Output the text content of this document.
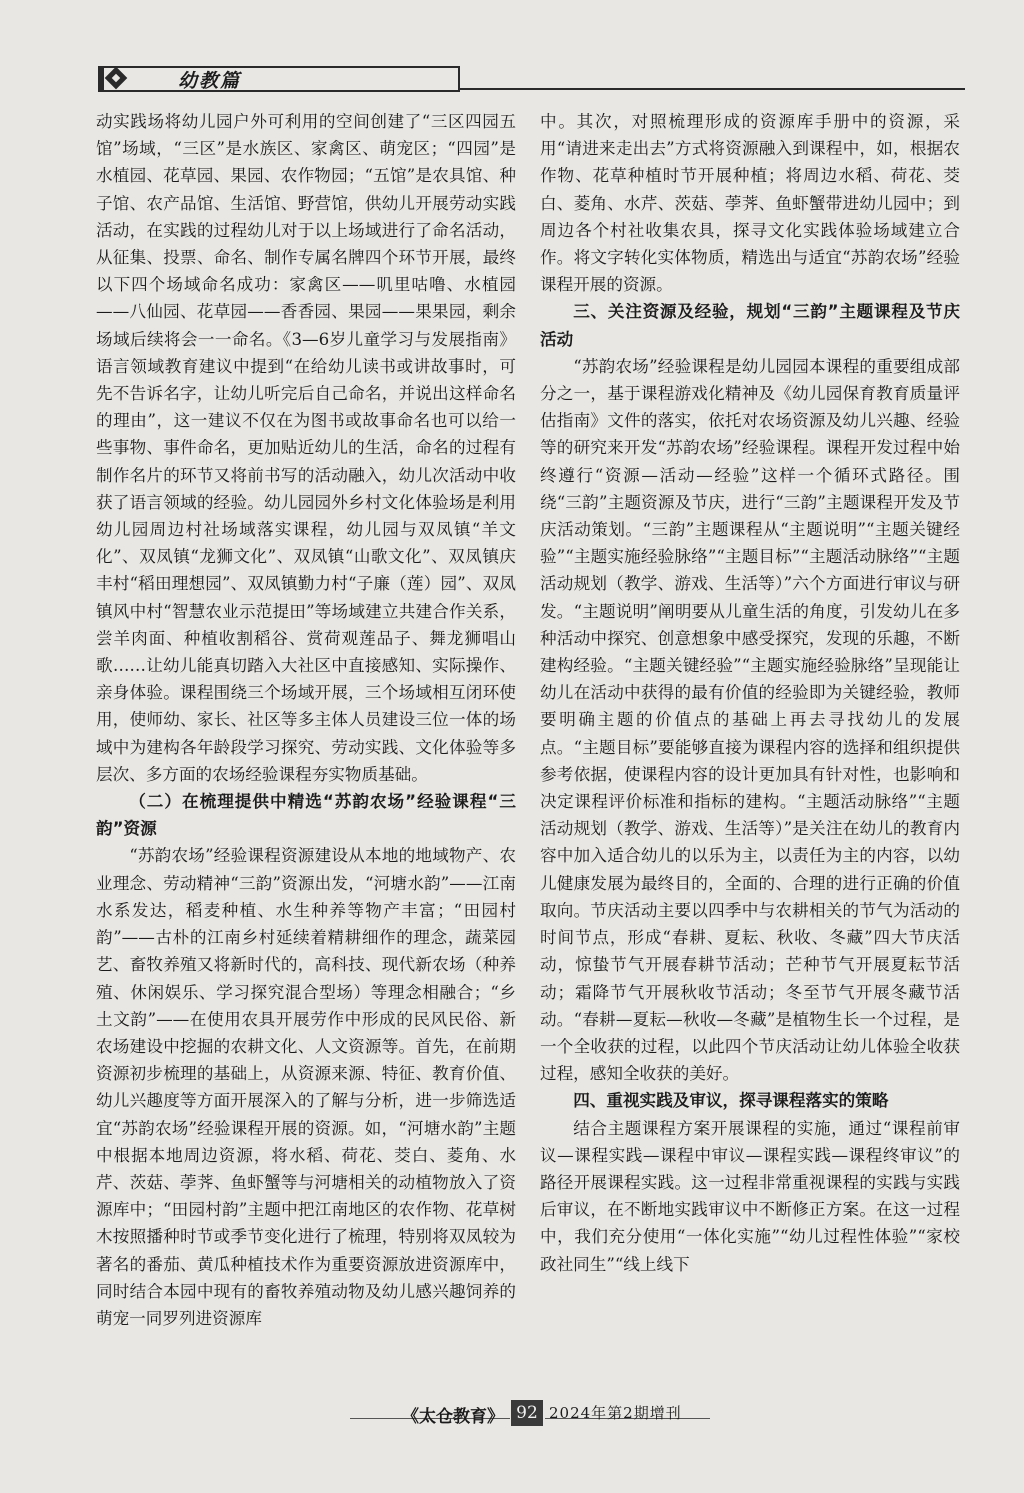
幼教篇

动实践场将幼儿园户外可利用的空间创建了“三区四园五馆”场域，“三区”是水族区、家禽区、萌宠区；“四园”是水植园、花草园、果园、农作物园；“五馆”是农具馆、种子馆、农产品馆、生活馆、野营馆，供幼儿开展劳动实践活动，在实践的过程幼儿对于以上场域进行了命名活动，从征集、投票、命名、制作专属名牌四个环节开展，最终以下四个场域命名成功：家禽区——叽里咕噜、水植园——八仙园、花草园——香香园、果园——果果园，剩余场域后续将会一一命名。《3—6岁儿童学习与发展指南》语言领域教育建议中提到“在给幼儿读书或讲故事时，可先不告诉名字，让幼儿听完后自己命名，并说出这样命名的理由”，这一建议不仅在为图书或故事命名也可以给一些事物、事件命名，更加贴近幼儿的生活，命名的过程有制作名片的环节又将前书写的活动融入，幼儿次活动中收获了语言领域的经验。幼儿园园外乡村文化体验场是利用幼儿园周边村社场域落实课程，幼儿园与双凤镇“羊文化”、双凤镇“龙狮文化”、双凤镇“山歌文化”、双凤镇庆丰村“稻田理想园”、双凤镇勤力村“子廉（莲）园”、双凤镇风中村“智慧农业示范提田”等场域建立共建合作关系，尝羊肉面、种植收割稻谷、赏荷观莲品子、舞龙狮唱山歌……让幼儿能真切踏入大社区中直接感知、实际操作、亲身体验。课程围绕三个场域开展，三个场域相互闭环使用，使师幼、家长、社区等多主体人员建设三位一体的场域中为建构各年龄段学习探究、劳动实践、文化体验等多层次、多方面的农场经验课程夯实物质基础。

（二）在梳理提供中精选“苏韵农场”经验课程“三韵”资源

“苏韵农场”经验课程资源建设从本地的地域物产、农业理念、劳动精神“三韵”资源出发，“河塘水韵”——江南水系发达，稻麦种植、水生种养等物产丰富；“田园村韵”——古朴的江南乡村延续着精耕细作的理念，蔬菜园艺、畜牧养殖又将新时代的，高科技、现代新农场（种养殖、休闲娱乐、学习探究混合型场）等理念相融合；“乡土文韵”——在使用农具开展劳作中形成的民风民俗、新农场建设中挖掘的农耕文化、人文资源等。首先，在前期资源初步梳理的基础上，从资源来源、特征、教育价值、幼儿兴趣度等方面开展深入的了解与分析，进一步筛选适宜“苏韵农场”经验课程开展的资源。如，“河塘水韵”主题中根据本地周边资源，将水稻、荷花、茭白、菱角、水芹、茨菇、荸荠、鱼虾蟹等与河塘相关的动植物放入了资源库中；“田园村韵”主题中把江南地区的农作物、花草树木按照播种时节或季节变化进行了梳理，特别将双凤较为著名的番茄、黄瓜种植技术作为重要资源放进资源库中，同时结合本园中现有的畜牧养殖动物及幼儿感兴趣饲养的萌宠一同罗列进资源库

中。其次，对照梳理形成的资源库手册中的资源，采用“请进来走出去”方式将资源融入到课程中，如，根据农作物、花草种植时节开展种植；将周边水稻、荷花、茭白、菱角、水芹、茨菇、荸荠、鱼虾蟹带进幼儿园中；到周边各个村社收集农具，探寻文化实践体验场域建立合作。将文字转化实体物质，精选出与适宜“苏韵农场”经验课程开展的资源。

三、关注资源及经验，规划“三韵”主题课程及节庆活动

“苏韵农场”经验课程是幼儿园园本课程的重要组成部分之一，基于课程游戏化精神及《幼儿园保育教育质量评估指南》文件的落实，依托对农场资源及幼儿兴趣、经验等的研究来开发“苏韵农场”经验课程。课程开发过程中始终遵行“资源—活动—经验”这样一个循环式路径。围绕“三韵”主题资源及节庆，进行“三韵”主题课程开发及节庆活动策划。“三韵”主题课程从“主题说明”“主题关键经验”“主题实施经验脉络”“主题目标”“主题活动脉络”“主题活动规划（教学、游戏、生活等）”六个方面进行审议与研发。“主题说明”阐明要从儿童生活的角度，引发幼儿在多种活动中探究、创意想象中感受探究，发现的乐趣，不断建构经验。“主题关键经验”“主题实施经验脉络”呈现能让幼儿在活动中获得的最有价值的经验即为关键经验，教师要明确主题的价值点的基础上再去寻找幼儿的发展点。“主题目标”要能够直接为课程内容的选择和组织提供参考依据，使课程内容的设计更加具有针对性，也影响和决定课程评价标准和指标的建构。“主题活动脉络”“主题活动规划（教学、游戏、生活等）”是关注在幼儿的教育内容中加入适合幼儿的以乐为主，以责任为主的内容，以幼儿健康发展为最终目的，全面的、合理的进行正确的价值取向。节庆活动主要以四季中与农耕相关的节气为活动的时间节点，形成“春耕、夏耘、秋收、冬藏”四大节庆活动，惊蛰节气开展春耕节活动；芒种节气开展夏耘节活动；霜降节气开展秋收节活动；冬至节气开展冬藏节活动。“春耕—夏耘—秋收—冬藏”是植物生长一个过程，是一个全收获的过程，以此四个节庆活动让幼儿体验全收获过程，感知全收获的美好。

四、重视实践及审议，探寻课程落实的策略

结合主题课程方案开展课程的实施，通过“课程前审议—课程实践—课程中审议—课程实践—课程终审议”的路径开展课程实践。这一过程非常重视课程的实践与实践后审议，在不断地实践审议中不断修正方案。在这一过程中，我们充分使用“一体化实施”“幼儿过程性体验”“家校政社同生”“线上线下

《太仓教育》 92 2024年第2期增刊
